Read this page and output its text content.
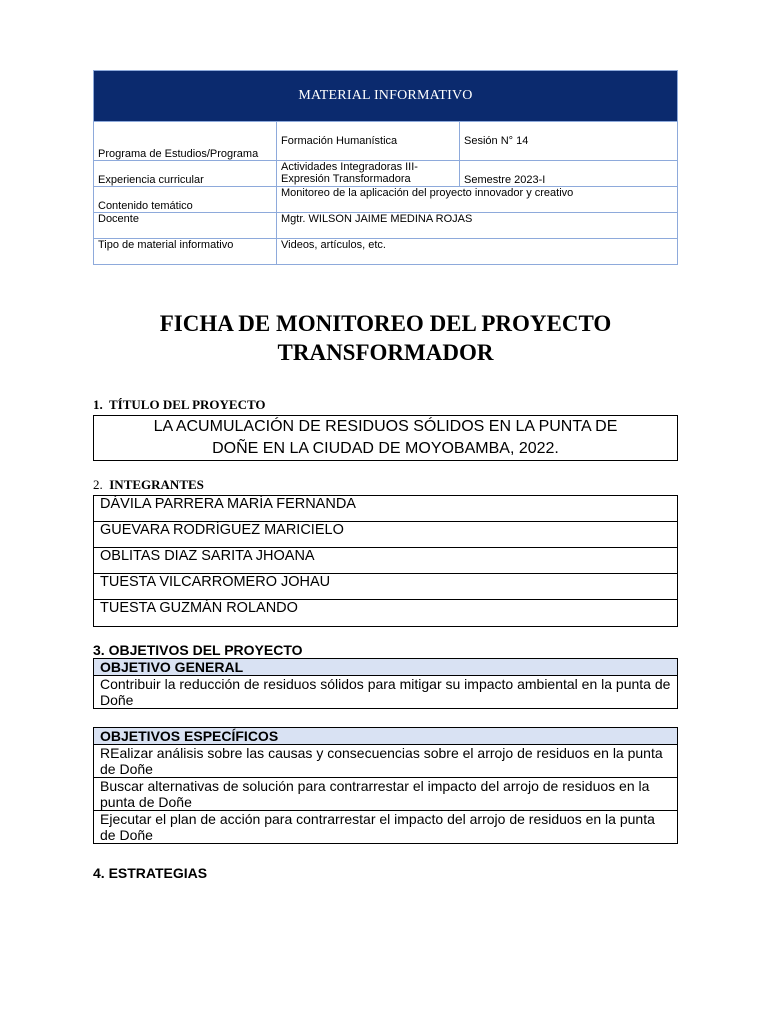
MATERIAL INFORMATIVO		
Programa de Estudios/Programa	Formación Humanística	Sesión N° 14
Experiencia curricular	Actividades Integradoras III- Expresión Transformadora	Semestre 2023-I
Contenido temático	Monitoreo de la aplicación del proyecto innovador y creativo	
Docente	Mgtr. WILSON JAIME MEDINA ROJAS	
Tipo de material informativo	Videos, artículos, etc.	
FICHA DE MONITOREO DEL PROYECTO
TRANSFORMADOR
1. TÍTULO DEL PROYECTO
LA ACUMULACIÓN DE RESIDUOS SÓLIDOS EN LA PUNTA DE
DOÑE EN LA CIUDAD DE MOYOBAMBA, 2022.
2. INTEGRANTES
DÁVILA PARRERA MARÍA FERNANDA
GUEVARA RODRÍGUEZ MARICIELO
OBLITAS DIAZ SARITA JHOANA
TUESTA VILCARROMERO JOHAU
TUESTA GUZMÁN ROLANDO
3. OBJETIVOS DEL PROYECTO
OBJETIVO GENERAL
Contribuir la reducción de residuos sólidos para mitigar su impacto ambiental en la punta de Doñe
OBJETIVOS ESPECÍFICOS
REalizar análisis sobre las causas y consecuencias sobre el arrojo de residuos en la punta de Doñe
Buscar alternativas de solución para contrarrestar el impacto del arrojo de residuos en la punta de Doñe
Ejecutar el plan de acción para contrarrestar el impacto del arrojo de residuos en la punta de Doñe
4. ESTRATEGIAS
